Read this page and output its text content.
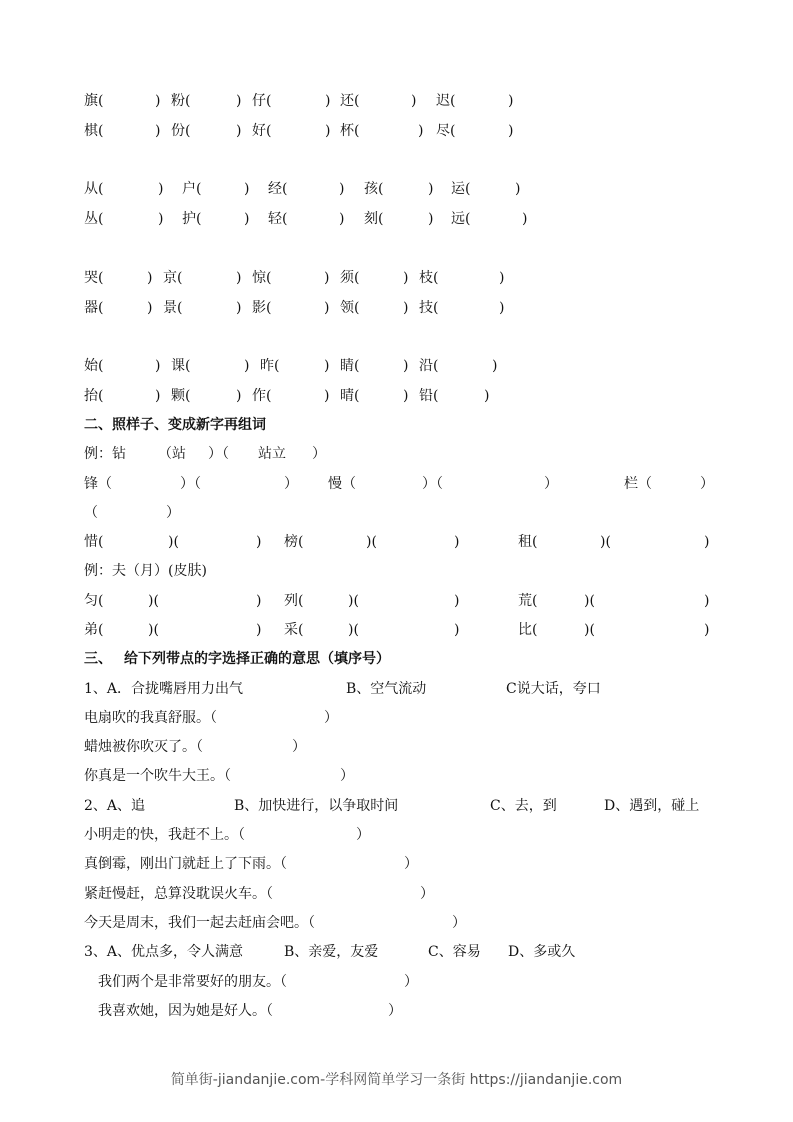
旗(	) 粉(	) 仔(	) 还(	) 迟(	)
棋(	) 份(	) 好(	) 杯(	) 尽(	)
从(	) 户(	) 经(	) 孩(	) 运(	)
丛(	) 护(	) 轻(	) 刻(	) 远(	)
哭(	) 京(	) 惊(	) 须(	) 枝(	)
器(	) 景(	) 影(	) 领(	) 技(	)
始(	) 课(	) 昨(	) 睛(	) 沿(	)
抬(	) 颗(	) 作(	) 晴(	) 铅(	)
二、照样子、变成新字再组词
例：钻 （站 ）（ 站立 ）
锋（	）（	） 慢（	）（	）	栏（	）
（	）
惜(	)(	) 榜(	)(	)	租(	)(	)
例：夫（月）(皮肤)
匀(	)(	) 列(	)(	)	荒(	)(	)
弟(	)(	) 采(	)(	)	比(	)(	)
三、 给下列带点的字选择正确的意思（填序号）
1、A．合拢嘴唇用力出气	B、空气流动	C说大话，夸口
电扇吹的我真舒服。（	）
蜡烛被你吹灭了。（	）
你真是一个吹牛大王。（	）
2、A、追	B、加快进行，以争取时间	C、去，到	D、遇到，碰上
小明走的快，我赶不上。（	）
真倒霉，刚出门就赶上了下雨。（	）
紧赶慢赶，总算没耽误火车。（	）
今天是周末，我们一起去赶庙会吧。（	）
3、A、优点多，令人满意	B、亲爱，友爱	C、容易 D、多或久
我们两个是非常要好的朋友。（	）
我喜欢她，因为她是好人。（	）
简单街-jiandanjie.com-学科网简单学习一条街 https://jiandanjie.com
